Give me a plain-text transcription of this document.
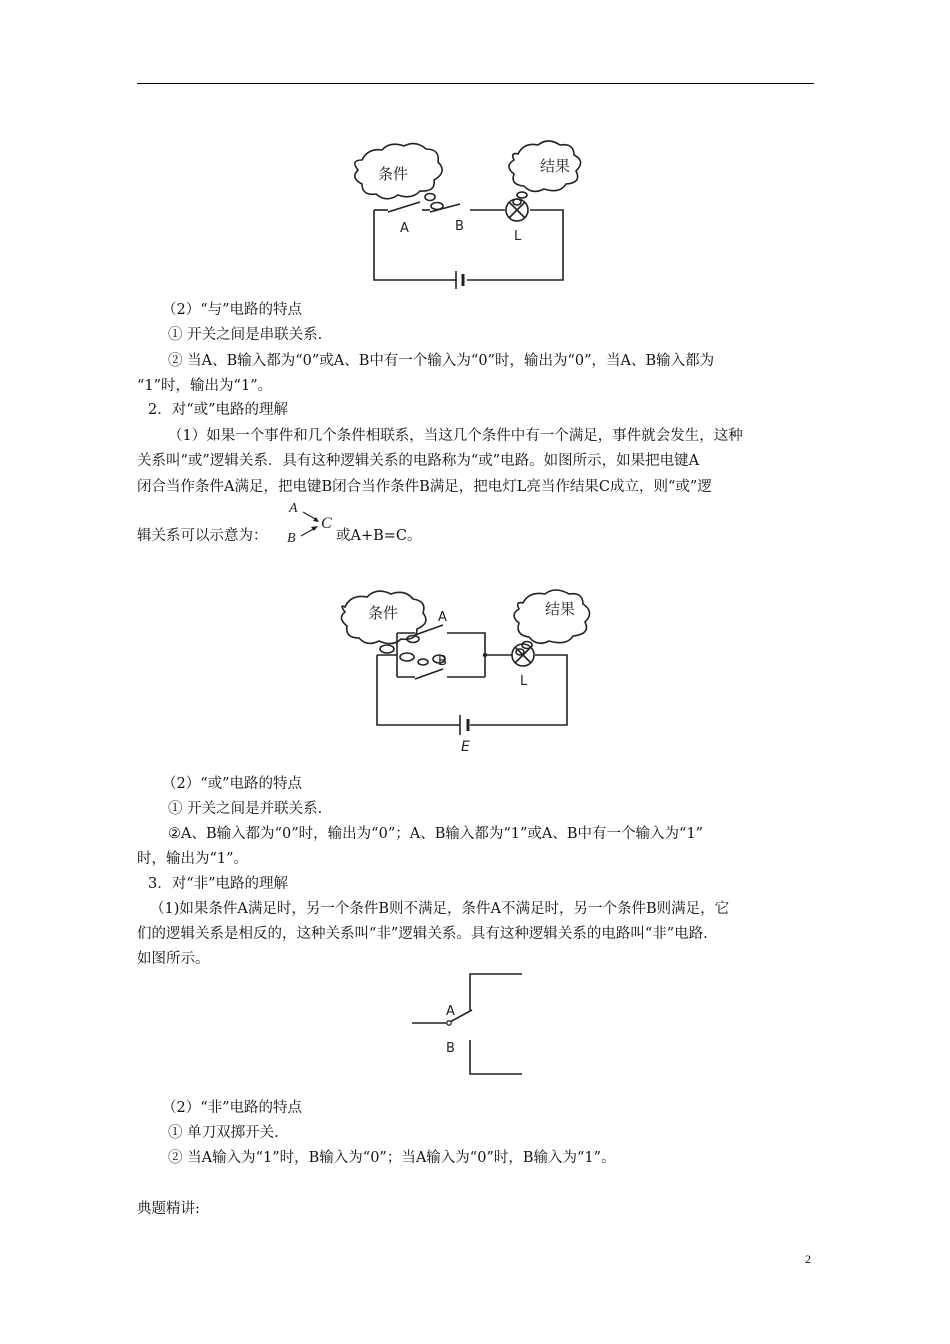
条件	结果
A	B
L
（2）“与”电路的特点
① 开关之间是串联关系.
② 当A、B输入都为“0”或A、B中有一个输入为“0”时，输出为“0”，当A、B输入都为
“1”时，输出为“1”。
2．对“或”电路的理解
（1）如果一个事件和几个条件相联系，当这几个条件中有一个满足，事件就会发生，这种
关系叫“或”逻辑关系．具有这种逻辑关系的电路称为“或”电路。如图所示，如果把电键A
闭合当作条件A满足，把电键B闭合当作条件B满足，把电灯L亮当作结果C成立，则“或”逻
辑关系可以示意为：
A
B
C
或A+B=C。
条件	结果
A
B
L
E
（2）“或”电路的特点
① 开关之间是并联关系.
②A、B输入都为“0”时，输出为“0”；A、B输入都为“1”或A、B中有一个输入为“1”
时，输出为“1”。
3．对“非”电路的理解
（1)如果条件A满足时，另一个条件B则不满足，条件A不满足时，另一个条件B则满足，它
们的逻辑关系是相反的，这种关系叫“非”逻辑关系。具有这种逻辑关系的电路叫“非”电路.
如图所示。
A
B
（2）“非”电路的特点
① 单刀双掷开关.
② 当A输入为“1”时，B输入为“0”；当A输入为“0”时，B输入为“1”。
典题精讲:
2
